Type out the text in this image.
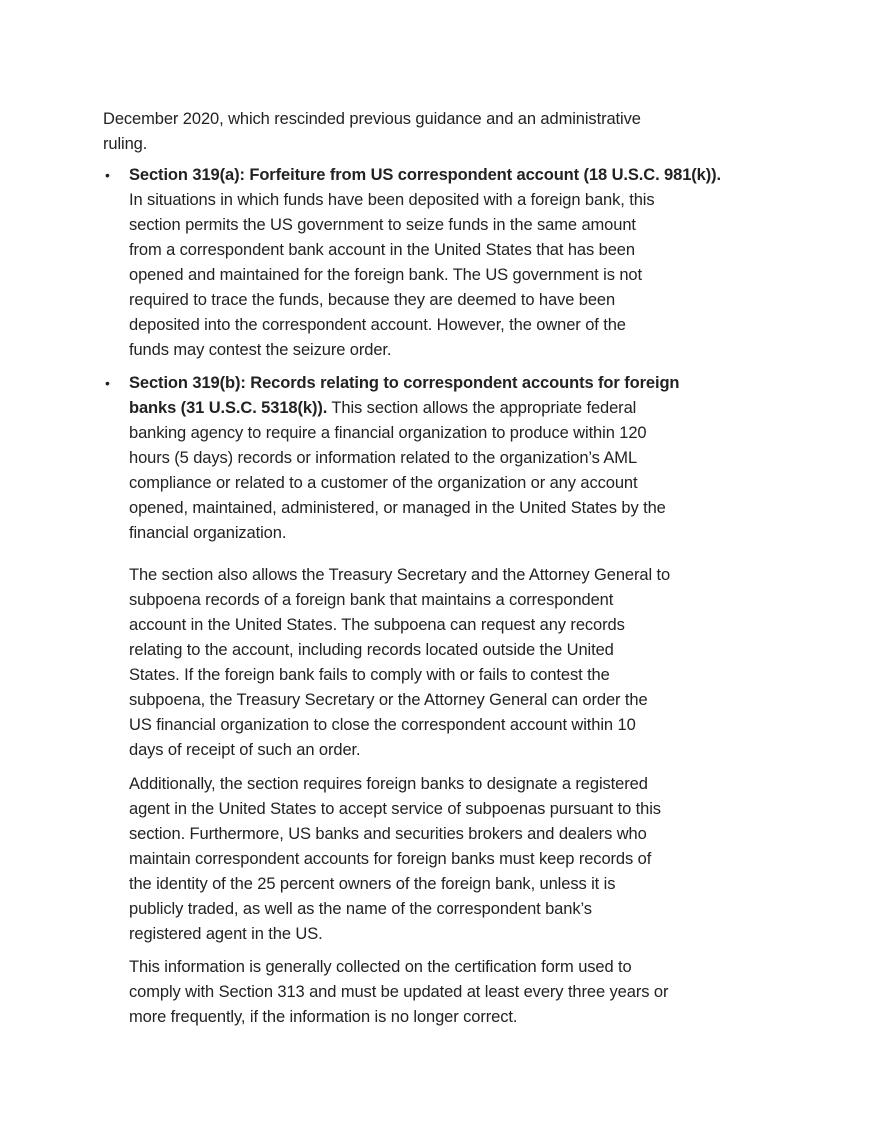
December 2020, which rescinded previous guidance and an administrative
ruling.
• Section 319(a): Forfeiture from US correspondent account (18 U.S.C. 981(k)).
In situations in which funds have been deposited with a foreign bank, this
section permits the US government to seize funds in the same amount
from a correspondent bank account in the United States that has been
opened and maintained for the foreign bank. The US government is not
required to trace the funds, because they are deemed to have been
deposited into the correspondent account. However, the owner of the
funds may contest the seizure order.
• Section 319(b): Records relating to correspondent accounts for foreign
banks (31 U.S.C. 5318(k)). This section allows the appropriate federal
banking agency to require a financial organization to produce within 120
hours (5 days) records or information related to the organization’s AML
compliance or related to a customer of the organization or any account
opened, maintained, administered, or managed in the United States by the
financial organization.
The section also allows the Treasury Secretary and the Attorney General to
subpoena records of a foreign bank that maintains a correspondent
account in the United States. The subpoena can request any records
relating to the account, including records located outside the United
States. If the foreign bank fails to comply with or fails to contest the
subpoena, the Treasury Secretary or the Attorney General can order the
US financial organization to close the correspondent account within 10
days of receipt of such an order.
Additionally, the section requires foreign banks to designate a registered
agent in the United States to accept service of subpoenas pursuant to this
section. Furthermore, US banks and securities brokers and dealers who
maintain correspondent accounts for foreign banks must keep records of
the identity of the 25 percent owners of the foreign bank, unless it is
publicly traded, as well as the name of the correspondent bank’s
registered agent in the US.
This information is generally collected on the certification form used to
comply with Section 313 and must be updated at least every three years or
more frequently, if the information is no longer correct.
